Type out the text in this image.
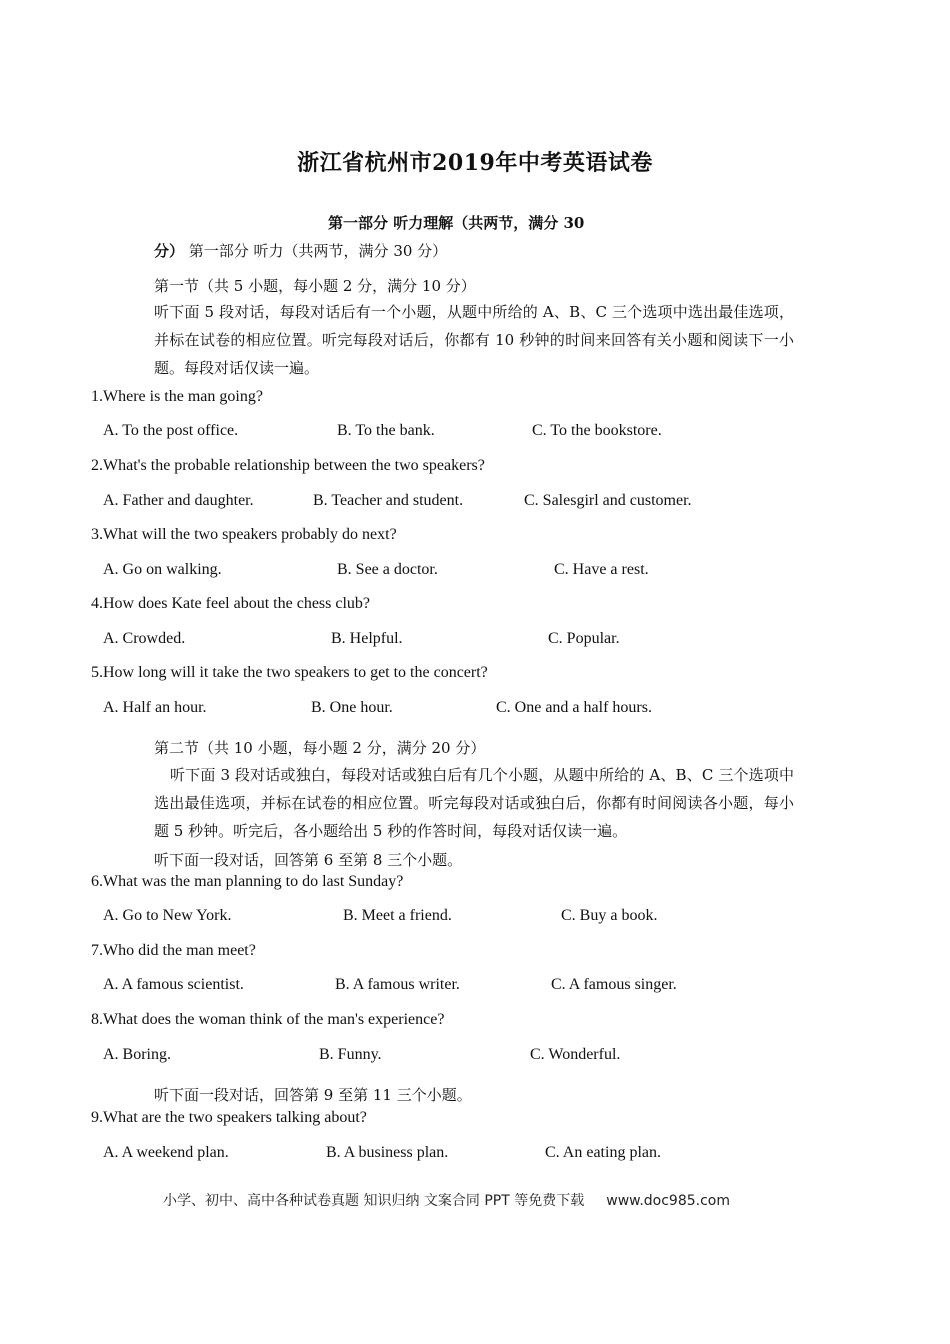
浙江省杭州市2019年中考英语试卷
第一部分 听力理解（共两节，满分 30
分） 第一部分 听力（共两节，满分 30 分）
第一节（共 5 小题，每小题 2 分，满分 10 分）
听下面 5 段对话，每段对话后有一个小题，从题中所给的 A、B、C 三个选项中选出最佳选项，并标在试卷的相应位置。听完每段对话后，你都有 10 秒钟的时间来回答有关小题和阅读下一小题。每段对话仅读一遍。
1.Where is the man going?
A. To the post office.	B. To the bank.	C. To the bookstore.
2.What's the probable relationship between the two speakers?
A. Father and daughter.	B. Teacher and student.	C. Salesgirl and customer.
3.What will the two speakers probably do next?
A. Go on walking.	B. See a doctor.	C. Have a rest.
4.How does Kate feel about the chess club?
A. Crowded.	B. Helpful.	C. Popular.
5.How long will it take the two speakers to get to the concert?
A. Half an hour.	B. One hour.	C. One and a half hours.
第二节（共 10 小题，每小题 2 分，满分 20 分）
听下面 3 段对话或独白，每段对话或独白后有几个小题，从题中所给的 A、B、C 三个选项中选出最佳选项，并标在试卷的相应位置。听完每段对话或独白后，你都有时间阅读各小题，每小题 5 秒钟。听完后，各小题给出 5 秒的作答时间，每段对话仅读一遍。
听下面一段对话，回答第 6 至第 8 三个小题。
6.What was the man planning to do last Sunday?
A. Go to New York.	B. Meet a friend.	C. Buy a book.
7.Who did the man meet?
A. A famous scientist.	B. A famous writer.	C. A famous singer.
8.What does the woman think of the man's experience?
A. Boring.	B. Funny.	C. Wonderful.
听下面一段对话，回答第 9 至第 11 三个小题。
9.What are the two speakers talking about?
A. A weekend plan.	B. A business plan.	C. An eating plan.
小学、初中、高中各种试卷真题 知识归纳 文案合同 PPT 等免费下载 www.doc985.com
